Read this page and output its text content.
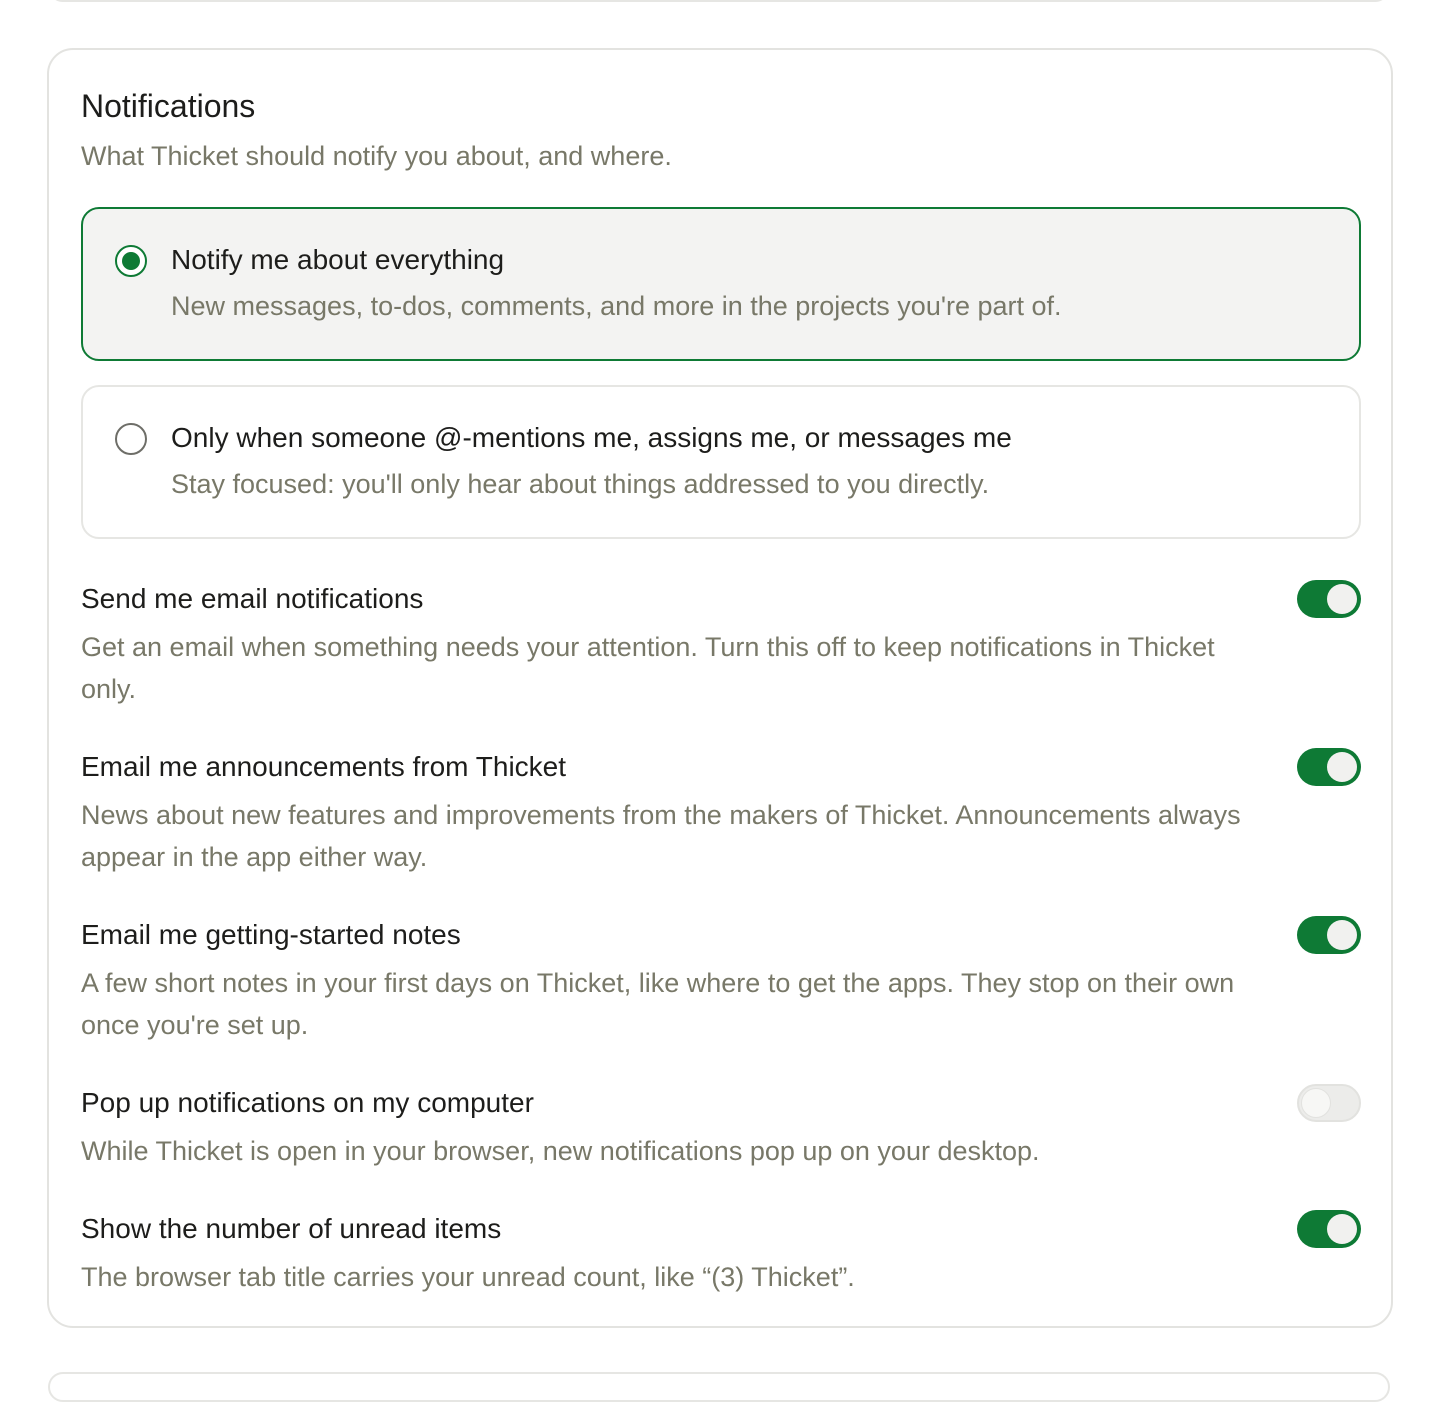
Notifications

What Thicket should notify you about, and where.

Notify me about everything
New messages, to-dos, comments, and more in the projects you're part of.
Only when someone @-mentions me, assigns me, or messages me
Stay focused: you'll only hear about things addressed to you directly.
Send me email notifications
Get an email when something needs your attention. Turn this off to keep notifications in Thicket only.
Email me announcements from Thicket
News about new features and improvements from the makers of Thicket. Announcements always appear in the app either way.
Email me getting-started notes
A few short notes in your first days on Thicket, like where to get the apps. They stop on their own once you're set up.
Pop up notifications on my computer
While Thicket is open in your browser, new notifications pop up on your desktop.
Show the number of unread items
The browser tab title carries your unread count, like “(3) Thicket”.
